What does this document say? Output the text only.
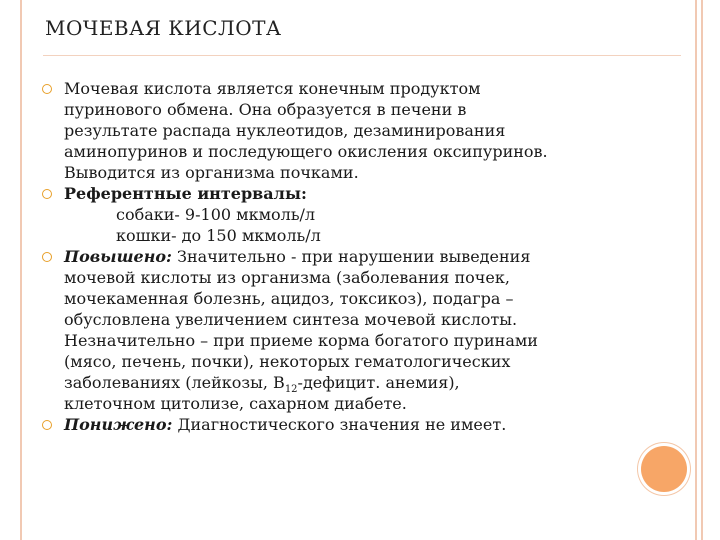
МОЧЕВАЯ КИСЛОТА
Мочевая кислота является конечным продуктом
пуринового обмена. Она образуется в печени в
результате распада нуклеотидов, дезаминирования
аминопуринов и последующего окисления оксипуринов.
Выводится из организма почками.
Референтные интервалы:
собаки- 9-100 мкмоль/л
кошки- до 150 мкмоль/л
Повышено: Значительно - при нарушении выведения
мочевой кислоты из организма (заболевания почек,
мочекаменная болезнь, ацидоз, токсикоз), подагра –
обусловлена увеличением синтеза мочевой кислоты.
Незначительно – при приеме корма богатого пуринами
(мясо, печень, почки), некоторых гематологических
заболеваниях (лейкозы, $В_{12}$-дефицит. анемия),
клеточном цитолизе, сахарном диабете.
Понижено: Диагностического значения не имеет.
